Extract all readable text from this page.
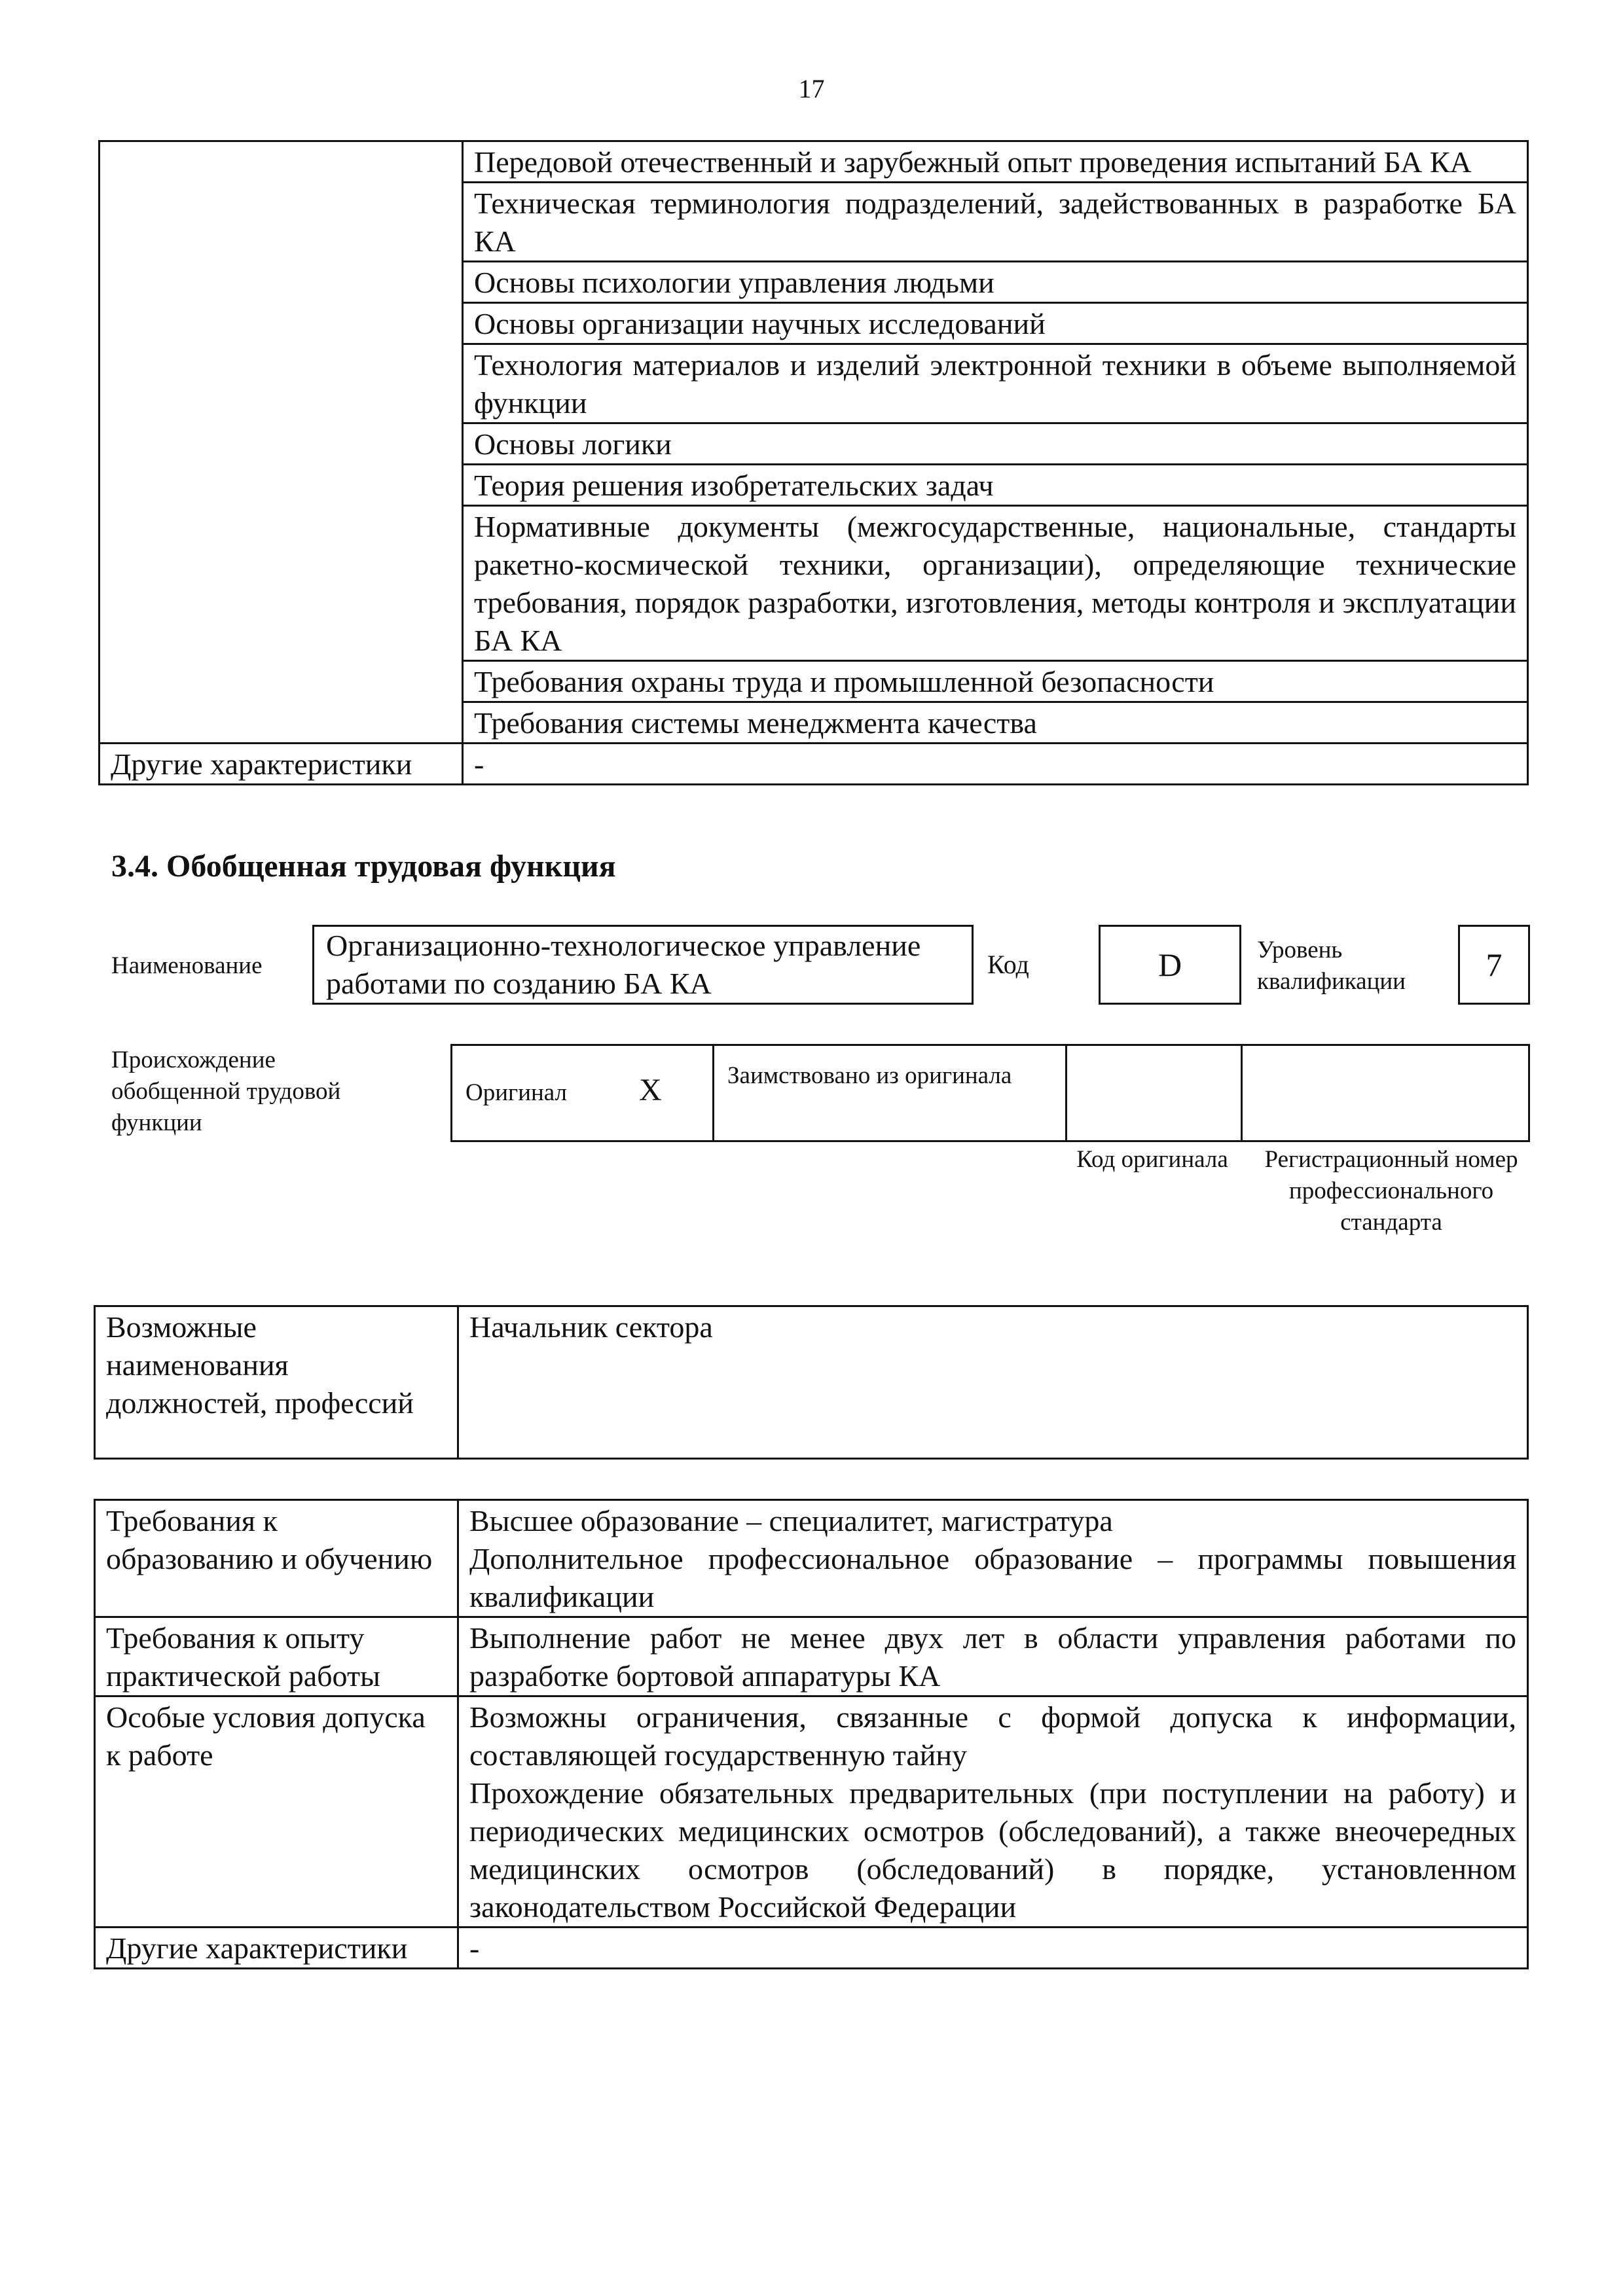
17
	Передовой отечественный и зарубежный опыт проведения испытаний БА КА
	Техническая терминология подразделений, задействованных в разработке БА КА
	Основы психологии управления людьми
	Основы организации научных исследований
	Технология материалов и изделий электронной техники в объеме выполняемой функции
	Основы логики
	Теория решения изобретательских задач
	Нормативные документы (межгосударственные, национальные, стандарты ракетно-космической техники, организации), определяющие технические требования, порядок разработки, изготовления, методы контроля и эксплуатации БА КА
	Требования охраны труда и промышленной безопасности
	Требования системы менеджмента качества
Другие характеристики	-
3.4. Обобщенная трудовая функция
Наименование
Организационно-технологическое управление работами по созданию БА КА
Код	D	Уровень квалификации	7
Происхождение обобщенной трудовой функции
Оригинал X	Заимствовано из оригинала
Код оригинала	Регистрационный номер профессионального стандарта
Возможные наименования должностей, профессий	Начальник сектора
Требования к образованию и обучению	Высшее образование – специалитет, магистратура
Дополнительное профессиональное образование – программы повышения квалификации

Требования к опыту практической работы	Выполнение работ не менее двух лет в области управления работами по разработке бортовой аппаратуры КА

Особые условия допуска к работе	Возможны ограничения, связанные с формой допуска к информации, составляющей государственную тайну
Прохождение обязательных предварительных (при поступлении на работу) и периодических медицинских осмотров (обследований), а также внеочередных медицинских осмотров (обследований) в порядке, установленном законодательством Российской Федерации

Другие характеристики	-
